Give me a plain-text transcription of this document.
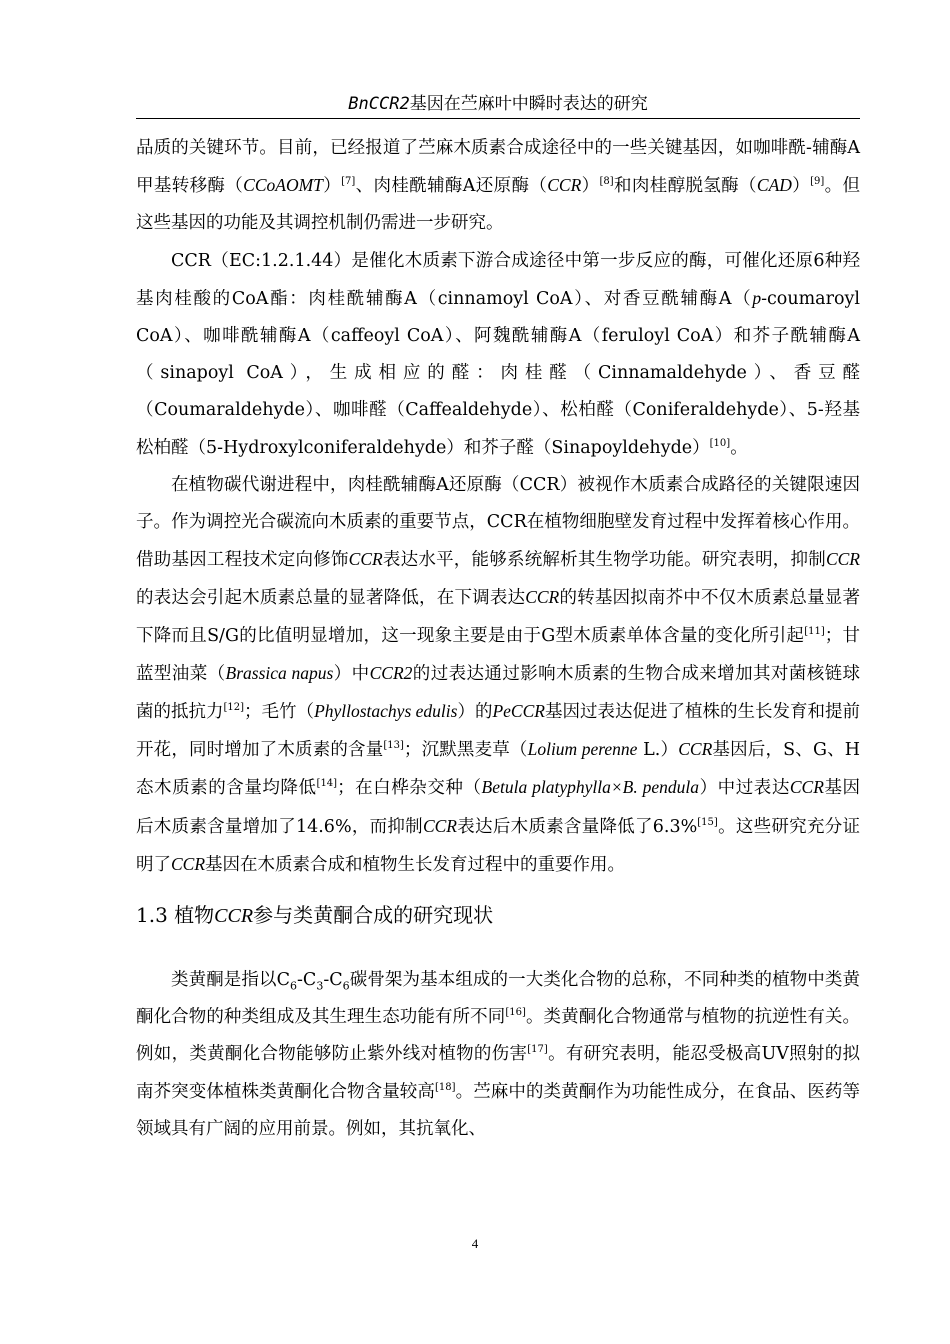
BnCCR2基因在苎麻叶中瞬时表达的研究

品质的关键环节。目前，已经报道了苎麻木质素合成途径中的一些关键基因，如咖啡酰-辅酶A甲基转移酶（CCoAOMT）[7]、肉桂酰辅酶A还原酶（CCR）[8]和肉桂醇脱氢酶（CAD）[9]。但这些基因的功能及其调控机制仍需进一步研究。

CCR（EC:1.2.1.44）是催化木质素下游合成途径中第一步反应的酶，可催化还原6种羟基肉桂酸的CoA酯：肉桂酰辅酶A（cinnamoyl CoA）、对香豆酰辅酶A（p-coumaroyl CoA）、咖啡酰辅酶A（caffeoyl CoA）、阿魏酰辅酶A（feruloyl CoA）和芥子酰辅酶A（sinapoyl CoA），生成相应的醛：肉桂醛（Cinnamaldehyde）、香豆醛（Coumaraldehyde）、咖啡醛（Caffealdehyde）、松柏醛（Coniferaldehyde）、5-羟基松柏醛（5-Hydroxylconiferaldehyde）和芥子醛（Sinapoyldehyde）[10]。

在植物碳代谢进程中，肉桂酰辅酶A还原酶（CCR）被视作木质素合成路径的关键限速因子。作为调控光合碳流向木质素的重要节点，CCR在植物细胞壁发育过程中发挥着核心作用。借助基因工程技术定向修饰CCR表达水平，能够系统解析其生物学功能。研究表明，抑制CCR的表达会引起木质素总量的显著降低，在下调表达CCR的转基因拟南芥中不仅木质素总量显著下降而且S/G的比值明显增加，这一现象主要是由于G型木质素单体含量的变化所引起[11]；甘蓝型油菜（Brassica napus）中CCR2的过表达通过影响木质素的生物合成来增加其对菌核链球菌的抵抗力[12]；毛竹（Phyllostachys edulis）的PeCCR基因过表达促进了植株的生长发育和提前开花，同时增加了木质素的含量[13]；沉默黑麦草（Lolium perenne L.）CCR基因后，S、G、H态木质素的含量均降低[14]；在白桦杂交种（Betula platyphylla×B. pendula）中过表达CCR基因后木质素含量增加了14.6%，而抑制CCR表达后木质素含量降低了6.3%[15]。这些研究充分证明了CCR基因在木质素合成和植物生长发育过程中的重要作用。

1.3 植物CCR参与类黄酮合成的研究现状

类黄酮是指以$C_6-C_3-C_6$碳骨架为基本组成的一大类化合物的总称，不同种类的植物中类黄酮化合物的种类组成及其生理生态功能有所不同[16]。类黄酮化合物通常与植物的抗逆性有关。例如，类黄酮化合物能够防止紫外线对植物的伤害[17]。有研究表明，能忍受极高UV照射的拟南芥突变体植株类黄酮化合物含量较高[18]。苎麻中的类黄酮作为功能性成分，在食品、医药等领域具有广阔的应用前景。例如，其抗氧化、

4
